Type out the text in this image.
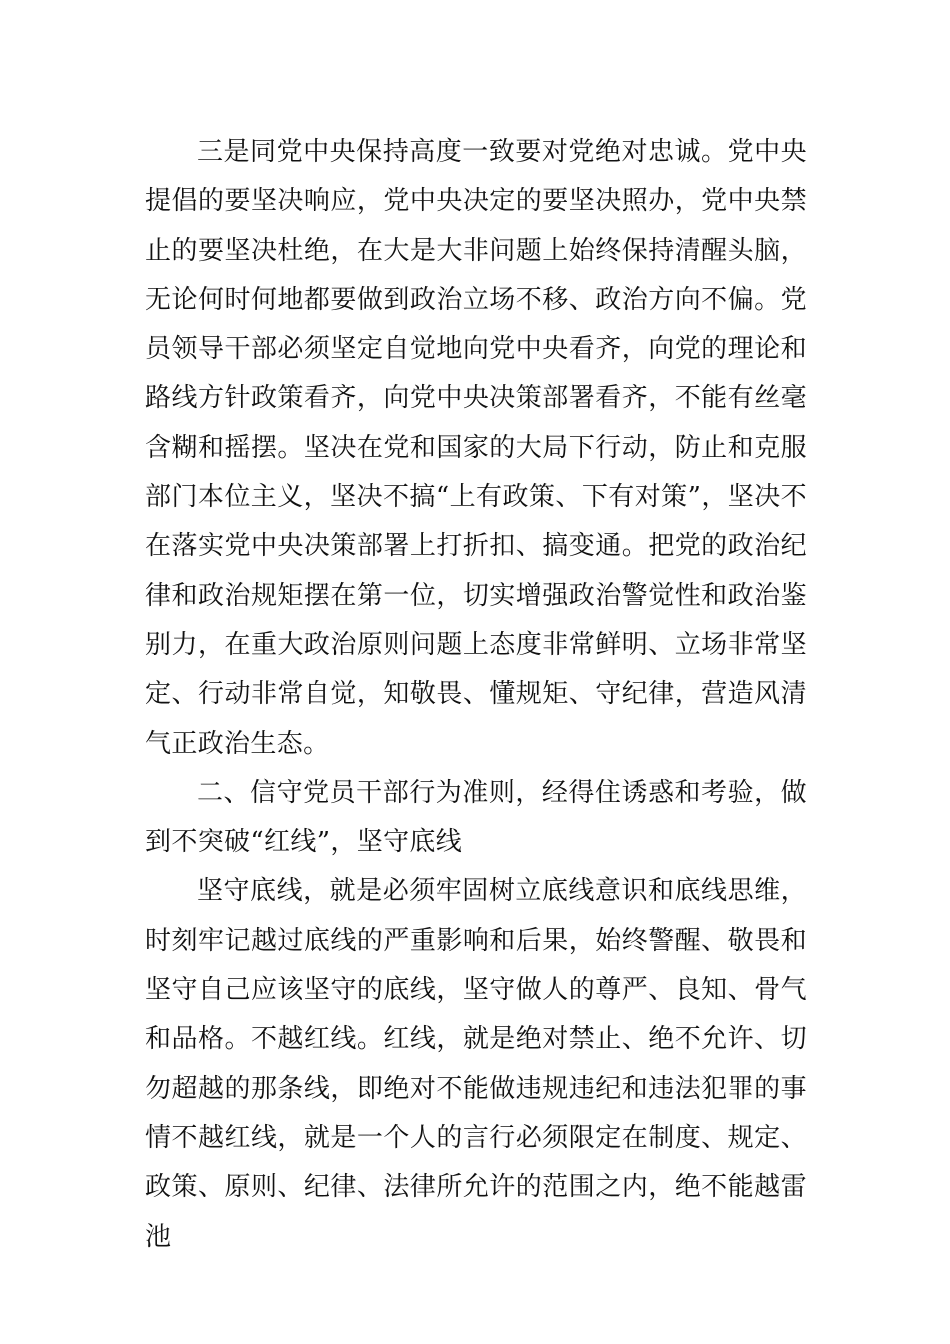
三是同党中央保持高度一致要对党绝对忠诚。党中央提倡的要坚决响应，党中央决定的要坚决照办，党中央禁止的要坚决杜绝，在大是大非问题上始终保持清醒头脑，无论何时何地都要做到政治立场不移、政治方向不偏。党员领导干部必须坚定自觉地向党中央看齐，向党的理论和路线方针政策看齐，向党中央决策部署看齐，不能有丝毫含糊和摇摆。坚决在党和国家的大局下行动，防止和克服部门本位主义，坚决不搞“上有政策、下有对策”，坚决不在落实党中央决策部署上打折扣、搞变通。把党的政治纪律和政治规矩摆在第一位，切实增强政治警觉性和政治鉴别力，在重大政治原则问题上态度非常鲜明、立场非常坚定、行动非常自觉，知敬畏、懂规矩、守纪律，营造风清气正政治生态。

二、信守党员干部行为准则，经得住诱惑和考验，做到不突破“红线”，坚守底线

坚守底线，就是必须牢固树立底线意识和底线思维，时刻牢记越过底线的严重影响和后果，始终警醒、敬畏和坚守自己应该坚守的底线，坚守做人的尊严、良知、骨气和品格。不越红线。红线，就是绝对禁止、绝不允许、切勿超越的那条线，即绝对不能做违规违纪和违法犯罪的事情不越红线，就是一个人的言行必须限定在制度、规定、政策、原则、纪律、法律所允许的范围之内，绝不能越雷池
